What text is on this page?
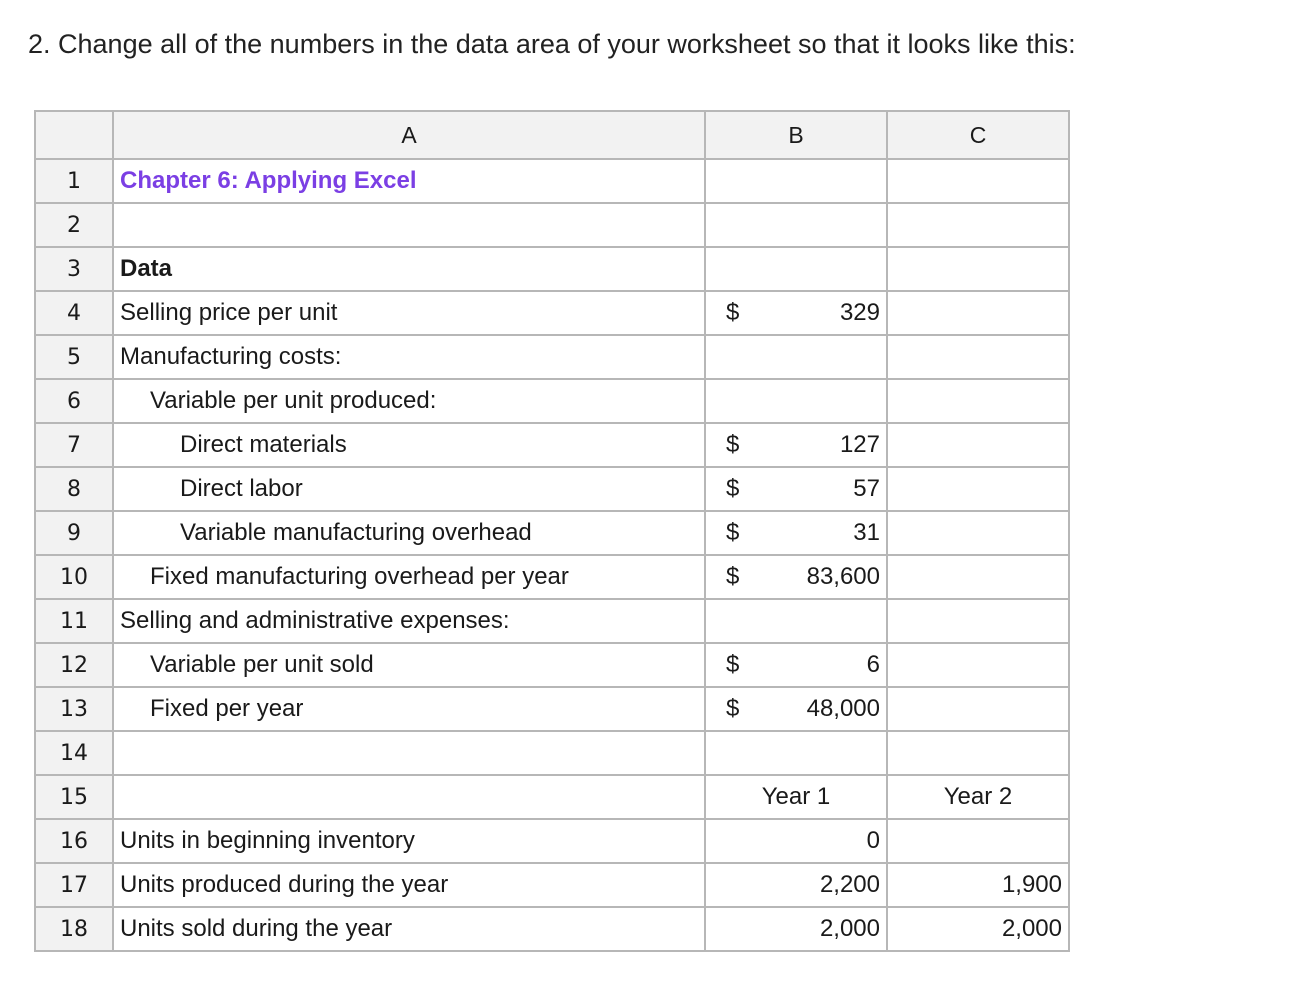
2. Change all of the numbers in the data area of your worksheet so that it looks like this:
	A	B	C
1	Chapter 6: Applying Excel		
2			
3	Data		
4	Selling price per unit	$ 329	

5	Manufacturing costs:		
6	Variable per unit produced:		
7	Direct materials	$ 127	

8	Direct labor	$ 57	

9	Variable manufacturing overhead	$ 31	

10	Fixed manufacturing overhead per year	$ 83,600	

11	Selling and administrative expenses:		
12	Variable per unit sold	$ 6	

13	Fixed per year	$ 48,000	

14			
15		Year 1	Year 2
16	Units in beginning inventory	0	

17	Units produced during the year	2,200	1,900
18	Units sold during the year	2,000	2,000
